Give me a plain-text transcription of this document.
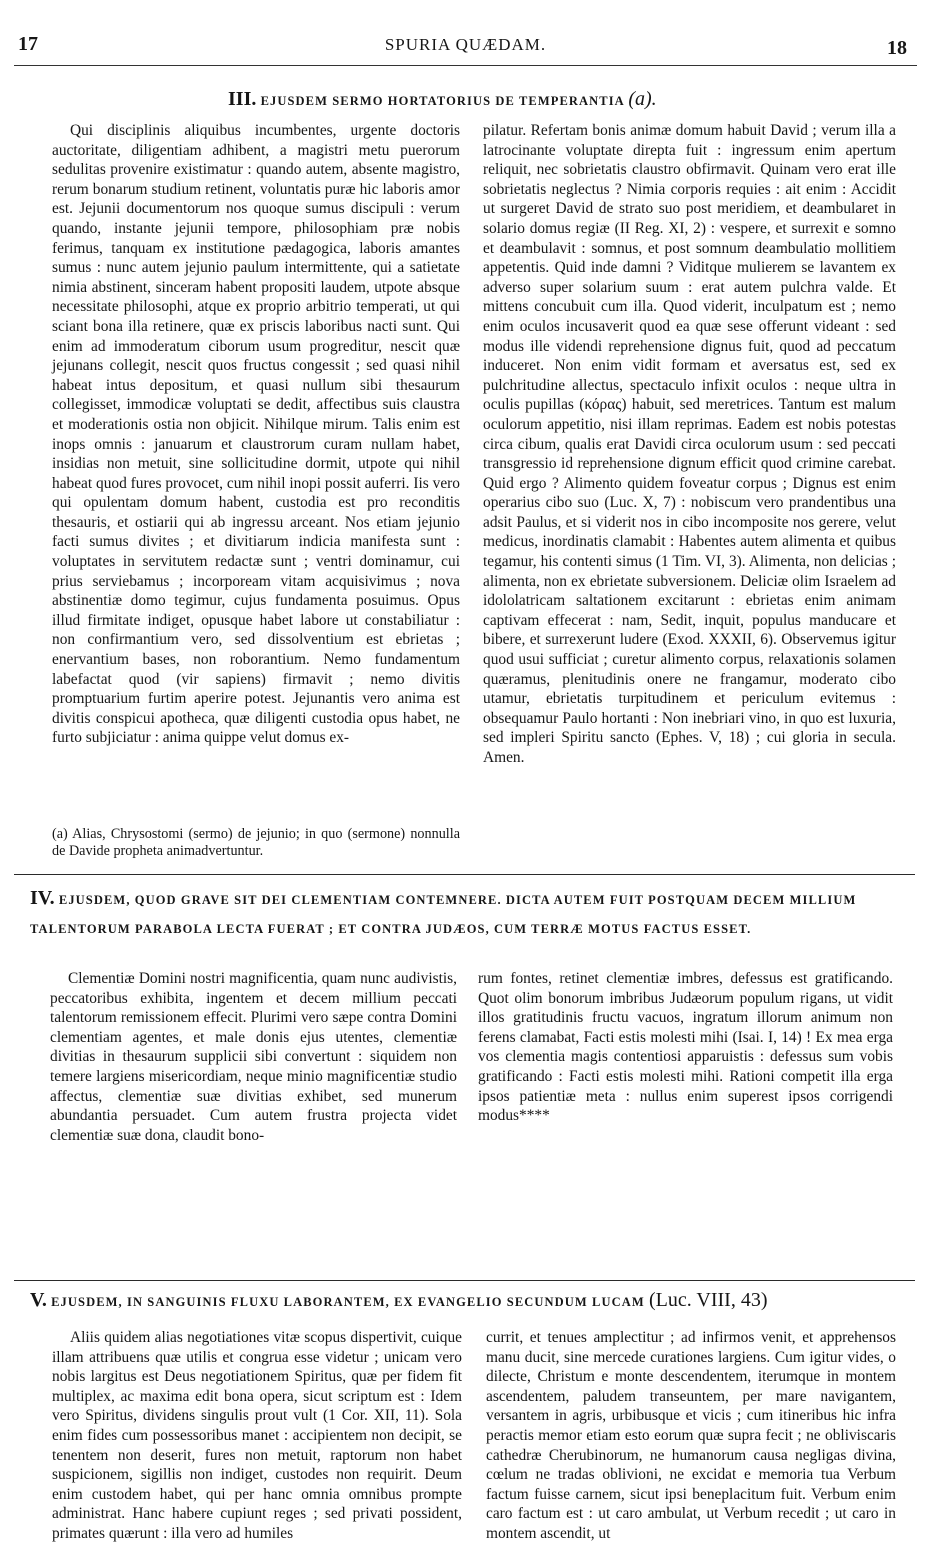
17	SPURIA QUÆDAM.	18
III. EJUSDEM SERMO HORTATORIUS DE TEMPERANTIA (a).

Qui disciplinis aliquibus incumbentes, urgente doctoris auctoritate, diligentiam adhibent, a magistri metu puerorum sedulitas provenire existimatur : quando autem, absente magistro, rerum bonarum studium retinent, voluntatis puræ hic laboris amor est. Jejunii documentorum nos quoque sumus discipuli : verum quando, instante jejunii tempore, philosophiam præ nobis ferimus, tanquam ex institutione pædagogica, laboris amantes sumus : nunc autem jejunio paulum intermittente, qui a satietate nimia abstinent, sinceram habent propositi laudem, utpote absque necessitate philosophi, atque ex proprio arbitrio temperati, ut qui sciant bona illa retinere, quæ ex priscis laboribus nacti sunt. Qui enim ad immoderatum ciborum usum progreditur, nescit quæ jejunans collegit, nescit quos fructus congessit ; sed quasi nihil habeat intus depositum, et quasi nullum sibi thesaurum collegisset, immodicæ voluptati se dedit, affectibus suis claustra et moderationis ostia non objicit. Nihilque mirum. Talis enim est inops omnis : januarum et claustrorum curam nullam habet, insidias non metuit, sine sollicitudine dormit, utpote qui nihil habeat quod fures provocet, cum nihil inopi possit auferri. Iis vero qui opulentam domum habent, custodia est pro reconditis thesauris, et ostiarii qui ab ingressu arceant. Nos etiam jejunio facti sumus divites ; et divitiarum indicia manifesta sunt : voluptates in servitutem redactæ sunt ; ventri dominamur, cui prius serviebamus ; incorpoream vitam acquisivimus ; nova abstinentiæ domo tegimur, cujus fundamenta posuimus. Opus illud firmitate indiget, opusque habet labore ut constabiliatur : non confirmantium vero, sed dissolventium est ebrietas ; enervantium bases, non roborantium. Nemo fundamentum labefactat quod (vir sapiens) firmavit ; nemo divitis promptuarium furtim aperire potest. Jejunantis vero anima est divitis conspicui apotheca, quæ diligenti custodia opus habet, ne furto subjiciatur : anima quippe velut domus ex-

(a) Alias, Chrysostomi (sermo) de jejunio; in quo (sermone) nonnulla de Davide propheta animadvertuntur.

pilatur. Refertam bonis animæ domum habuit David ; verum illa a latrocinante voluptate direpta fuit : ingressum enim apertum reliquit, nec sobrietatis claustro obfirmavit. Quinam vero erat ille sobrietatis neglectus ? Nimia corporis requies : ait enim : Accidit ut surgeret David de strato suo post meridiem, et deambularet in solario domus regiæ (II Reg. XI, 2) : vespere, et surrexit e somno et deambulavit : somnus, et post somnum deambulatio mollitiem appetentis. Quid inde damni ? Viditque mulierem se lavantem ex adverso super solarium suum : erat autem pulchra valde. Et mittens concubuit cum illa. Quod viderit, inculpatum est ; nemo enim oculos incusaverit quod ea quæ sese offerunt videant : sed modus ille videndi reprehensione dignus fuit, quod ad peccatum induceret. Non enim vidit formam et aversatus est, sed ex pulchritudine allectus, spectaculo infixit oculos : neque ultra in oculis pupillas (κόρας) habuit, sed meretrices. Tantum est malum oculorum appetitio, nisi illam reprimas. Eadem est nobis potestas circa cibum, qualis erat Davidi circa oculorum usum : sed peccati transgressio id reprehensione dignum efficit quod crimine carebat. Quid ergo ? Alimento quidem foveatur corpus ; Dignus est enim operarius cibo suo (Luc. X, 7) : nobiscum vero prandentibus una adsit Paulus, et si viderit nos in cibo incomposite nos gerere, velut medicus, inordinatis clamabit : Habentes autem alimenta et quibus tegamur, his contenti simus (1 Tim. VI, 3). Alimenta, non delicias ; alimenta, non ex ebrietate subversionem. Deliciæ olim Israelem ad idololatricam saltationem excitarunt : ebrietas enim animam captivam effecerat : nam, Sedit, inquit, populus manducare et bibere, et surrexerunt ludere (Exod. XXXII, 6). Observemus igitur quod usui sufficiat ; curetur alimento corpus, relaxationis solamen quæramus, plenitudinis onere ne frangamur, moderato cibo utamur, ebrietatis turpitudinem et periculum evitemus : obsequamur Paulo hortanti : Non inebriari vino, in quo est luxuria, sed impleri Spiritu sancto (Ephes. V, 18) ; cui gloria in secula. Amen.

IV. EJUSDEM, QUOD GRAVE SIT DEI CLEMENTIAM CONTEMNERE. DICTA AUTEM FUIT POSTQUAM DECEM MILLIUM TALENTORUM PARABOLA LECTA FUERAT ; ET CONTRA JUDÆOS, CUM TERRÆ MOTUS FACTUS ESSET.

Clementiæ Domini nostri magnificentia, quam nunc audivistis, peccatoribus exhibita, ingentem et decem millium peccati talentorum remissionem effecit. Plurimi vero sæpe contra Domini clementiam agentes, et male donis ejus utentes, clementiæ divitias in thesaurum supplicii sibi convertunt : siquidem non temere largiens misericordiam, neque minio magnificentiæ studio affectus, clementiæ suæ divitias exhibet, sed munerum abundantia persuadet. Cum autem frustra projecta videt clementiæ suæ dona, claudit bono-

rum fontes, retinet clementiæ imbres, defessus est gratificando. Quot olim bonorum imbribus Judæorum populum rigans, ut vidit illos gratitudinis fructu vacuos, ingratum illorum animum non ferens clamabat, Facti estis molesti mihi (Isai. I, 14) ! Ex mea erga vos clementia magis contentiosi apparuistis : defessus sum vobis gratificando : Facti estis molesti mihi. Rationi competit illa erga ipsos patientiæ meta : nullus enim superest ipsos corrigendi modus****

V. EJUSDEM, IN SANGUINIS FLUXU LABORANTEM, EX EVANGELIO SECUNDUM LUCAM (Luc. VIII, 43)

Aliis quidem alias negotiationes vitæ scopus dispertivit, cuique illam attribuens quæ utilis et congrua esse videtur ; unicam vero nobis largitus est Deus negotiationem Spiritus, quæ per fidem fit multiplex, ac maxima edit bona opera, sicut scriptum est : Idem vero Spiritus, dividens singulis prout vult (1 Cor. XII, 11). Sola enim fides cum possessoribus manet : accipientem non decipit, se tenentem non deserit, fures non metuit, raptorum non habet suspicionem, sigillis non indiget, custodes non requirit. Deum enim custodem habet, qui per hanc omnia omnibus prompte administrat. Hanc habere cupiunt reges ; sed privati possident, primates quærunt : illa vero ad humiles

currit, et tenues amplectitur ; ad infirmos venit, et apprehensos manu ducit, sine mercede curationes largiens. Cum igitur vides, o dilecte, Christum e monte descendentem, iterumque in montem ascendentem, paludem transeuntem, per mare navigantem, versantem in agris, urbibusque et vicis ; cum itineribus hic infra peractis memor etiam esto eorum quæ supra fecit ; ne obliviscaris cathedræ Cherubinorum, ne humanorum causa negligas divina, cœlum ne tradas oblivioni, ne excidat e memoria tua Verbum factum fuisse carnem, sicut ipsi beneplacitum fuit. Verbum enim caro factum est : ut caro ambulat, ut Verbum recedit ; ut caro in montem ascendit, ut
